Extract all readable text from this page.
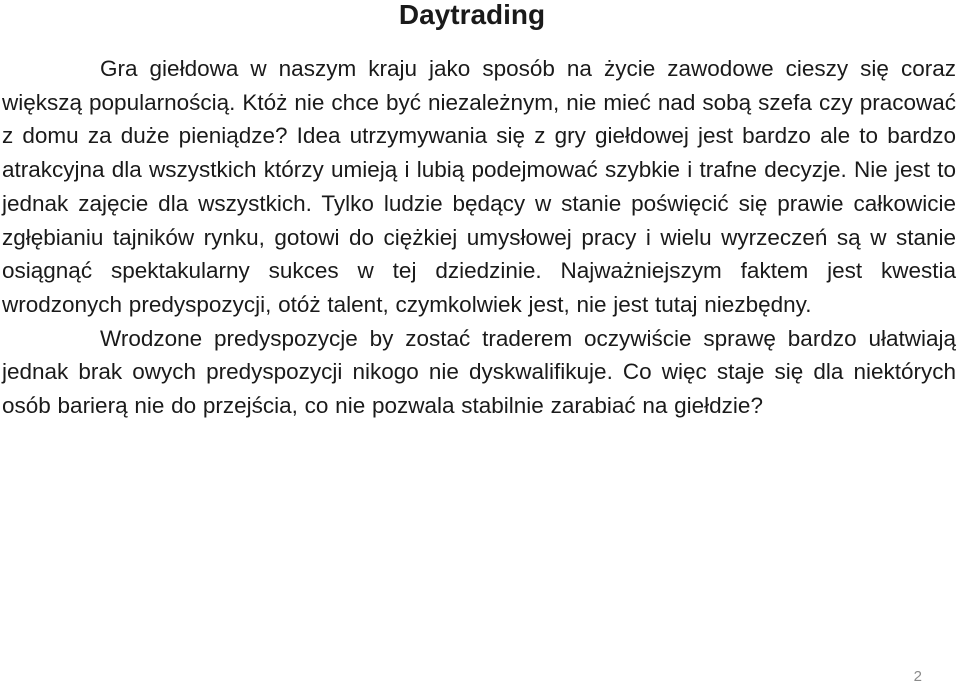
Daytrading

Gra giełdowa w naszym kraju jako sposób na życie zawodowe cieszy się coraz większą popularnością. Któż nie chce być niezależnym, nie mieć nad sobą szefa czy pracować z domu za duże pieniądze? Idea utrzymywania się z gry giełdowej jest bardzo ale to bardzo atrakcyjna dla wszystkich którzy umieją i lubią podejmować szybkie i trafne decyzje. Nie jest to jednak zajęcie dla wszystkich. Tylko ludzie będący w stanie poświęcić się prawie całkowicie zgłębianiu tajników rynku, gotowi do ciężkiej umysłowej pracy i wielu wyrzeczeń są w stanie osiągnąć spektakularny sukces w tej dziedzinie. Najważniejszym faktem jest kwestia wrodzonych predyspozycji, otóż talent, czymkolwiek jest, nie jest tutaj niezbędny.

Wrodzone predyspozycje by zostać traderem oczywiście sprawę bardzo ułatwiają jednak brak owych predyspozycji nikogo nie dyskwalifikuje. Co więc staje się dla niektórych osób barierą nie do przejścia, co nie pozwala stabilnie zarabiać na giełdzie?

2
